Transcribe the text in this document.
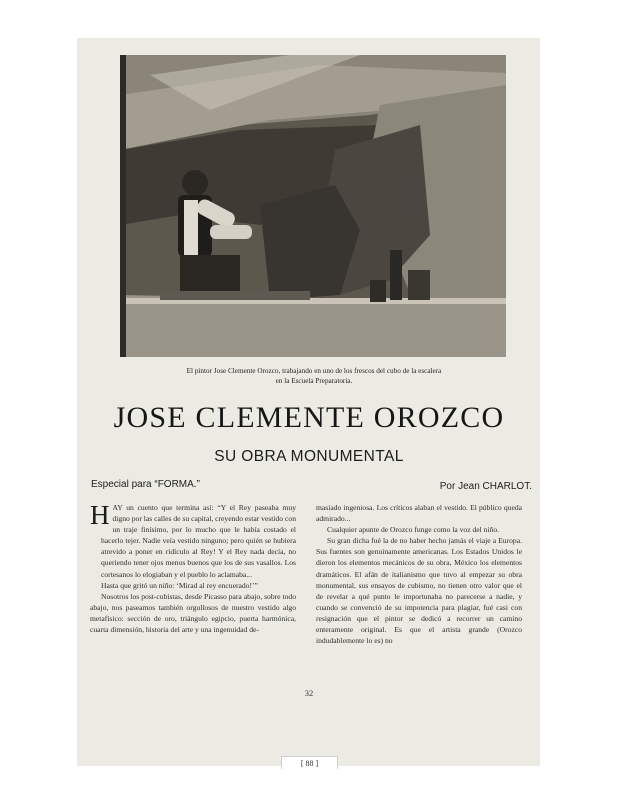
El pintor Jose Clemente Orozco, trabajando en uno de los frescos del cubo de la escalera
en la Escuela Preparatoria.
JOSE CLEMENTE OROZCO
SU OBRA MONUMENTAL
Especial para “FORMA.”	Por Jean CHARLOT.

HAY un cuento que termina así: “Y el Rey paseaba muy digno por las calles de su capital, creyendo estar vestido con un traje finísimo, por lo mucho que le había costado el hacerlo tejer. Nadie veía vestido ninguno; pero quién se hubiera atrevido a poner en ridículo al Rey! Y el Rey nada decía, no queriendo tener ojos menos buenos que los de sus vasallos. Los cortesanos lo elogiaban y el pueblo lo aclamaba...

Hasta que gritó un niño: ‘Mirad al rey encuerado!’”

Nosotros los post-cubistas, desde Picasso para abajo, sobre todo abajo, nos paseamos también orgullosos de nuestro vestido algo metafísico: sección de oro, triángulo egipcio, puerta harmónica, cuarta dimensión, historia del arte y una ingenuidad de-

masiado ingeniosa. Los críticos alaban el vestido. El público queda admirado...

Cualquier apunte de Orozco funge como la voz del niño.

Su gran dicha fué la de no haber hecho jamás el viaje a Europa. Sus fuentes son genuinamente americanas. Los Estados Unidos le dieron los elementos mecánicos de su obra, México los elementos dramáticos. El afán de italianismo que tuvo al empezar su obra monumental, sus ensayos de cubismo, no tienen otro valor que el de revelar a qué punto le importunaba no parecerse a nadie, y cuando se convenció de su impotencia para plagiar, fué casi con resignación que el pintor se dedicó a recorrer un camino enteramente original. Es que el artista grande (Orozco indudablemente lo es) no

32
[ 88 ]
